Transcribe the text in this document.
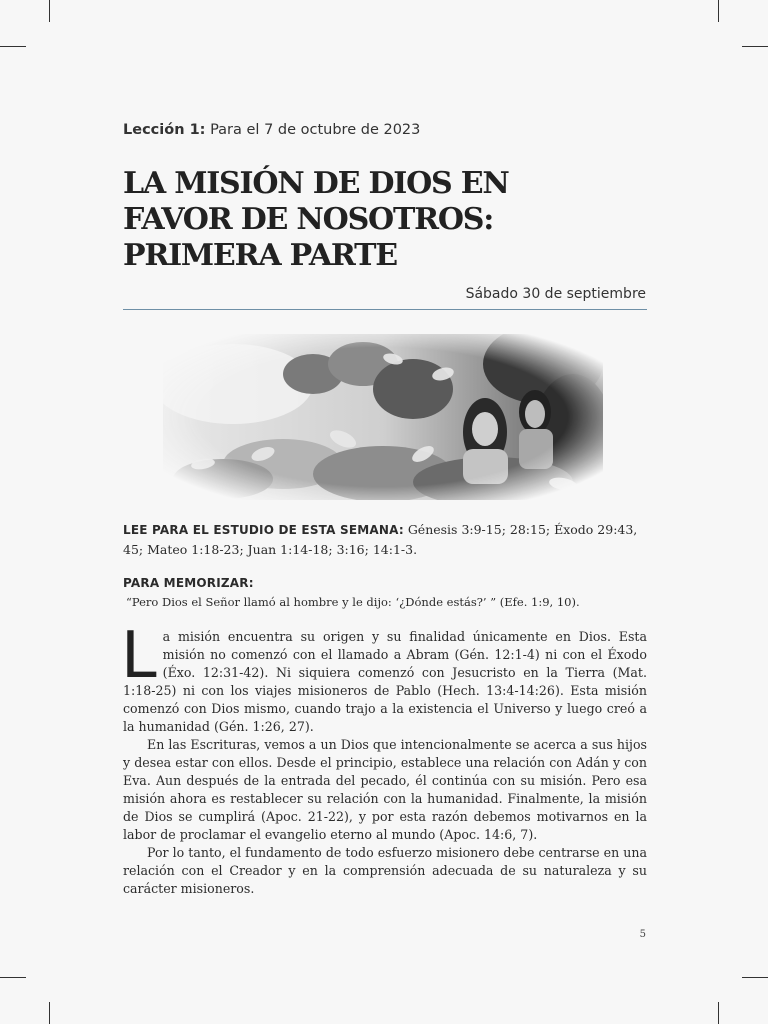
Lección 1: Para el 7 de octubre de 2023
LA MISIÓN DE DIOS EN
FAVOR DE NOSOTROS:
PRIMERA PARTE
Sábado 30 de septiembre
LEE PARA EL ESTUDIO DE ESTA SEMANA: Génesis 3:9-15; 28:15; Éxodo 29:43, 45; Mateo 1:18-23; Juan 1:14-18; 3:16; 14:1-3.
PARA MEMORIZAR:
“Pero Dios el Señor llamó al hombre y le dijo: ‘¿Dónde estás?’ ” (Efe. 1:9, 10).
L a misión encuentra su origen y su finalidad únicamente en Dios. Esta misión no comenzó con el llamado a Abram (Gén. 12:1-4) ni con el Éxodo (Éxo. 12:31-42). Ni siquiera comenzó con Jesucristo en la Tierra (Mat. 1:18-25) ni con los viajes misioneros de Pablo (Hech. 13:4-14:26). Esta misión comenzó con Dios mismo, cuando trajo a la existencia el Universo y luego creó a la humanidad (Gén. 1:26, 27).

En las Escrituras, vemos a un Dios que intencionalmente se acerca a sus hijos y desea estar con ellos. Desde el principio, establece una relación con Adán y con Eva. Aun después de la entrada del pecado, él continúa con su misión. Pero esa misión ahora es restablecer su relación con la humanidad. Finalmente, la misión de Dios se cumplirá (Apoc. 21-22), y por esta razón debemos motivarnos en la labor de proclamar el evangelio eterno al mundo (Apoc. 14:6, 7).

Por lo tanto, el fundamento de todo esfuerzo misionero debe centrarse en una relación con el Creador y en la comprensión adecuada de su naturaleza y su carácter misioneros.

5
